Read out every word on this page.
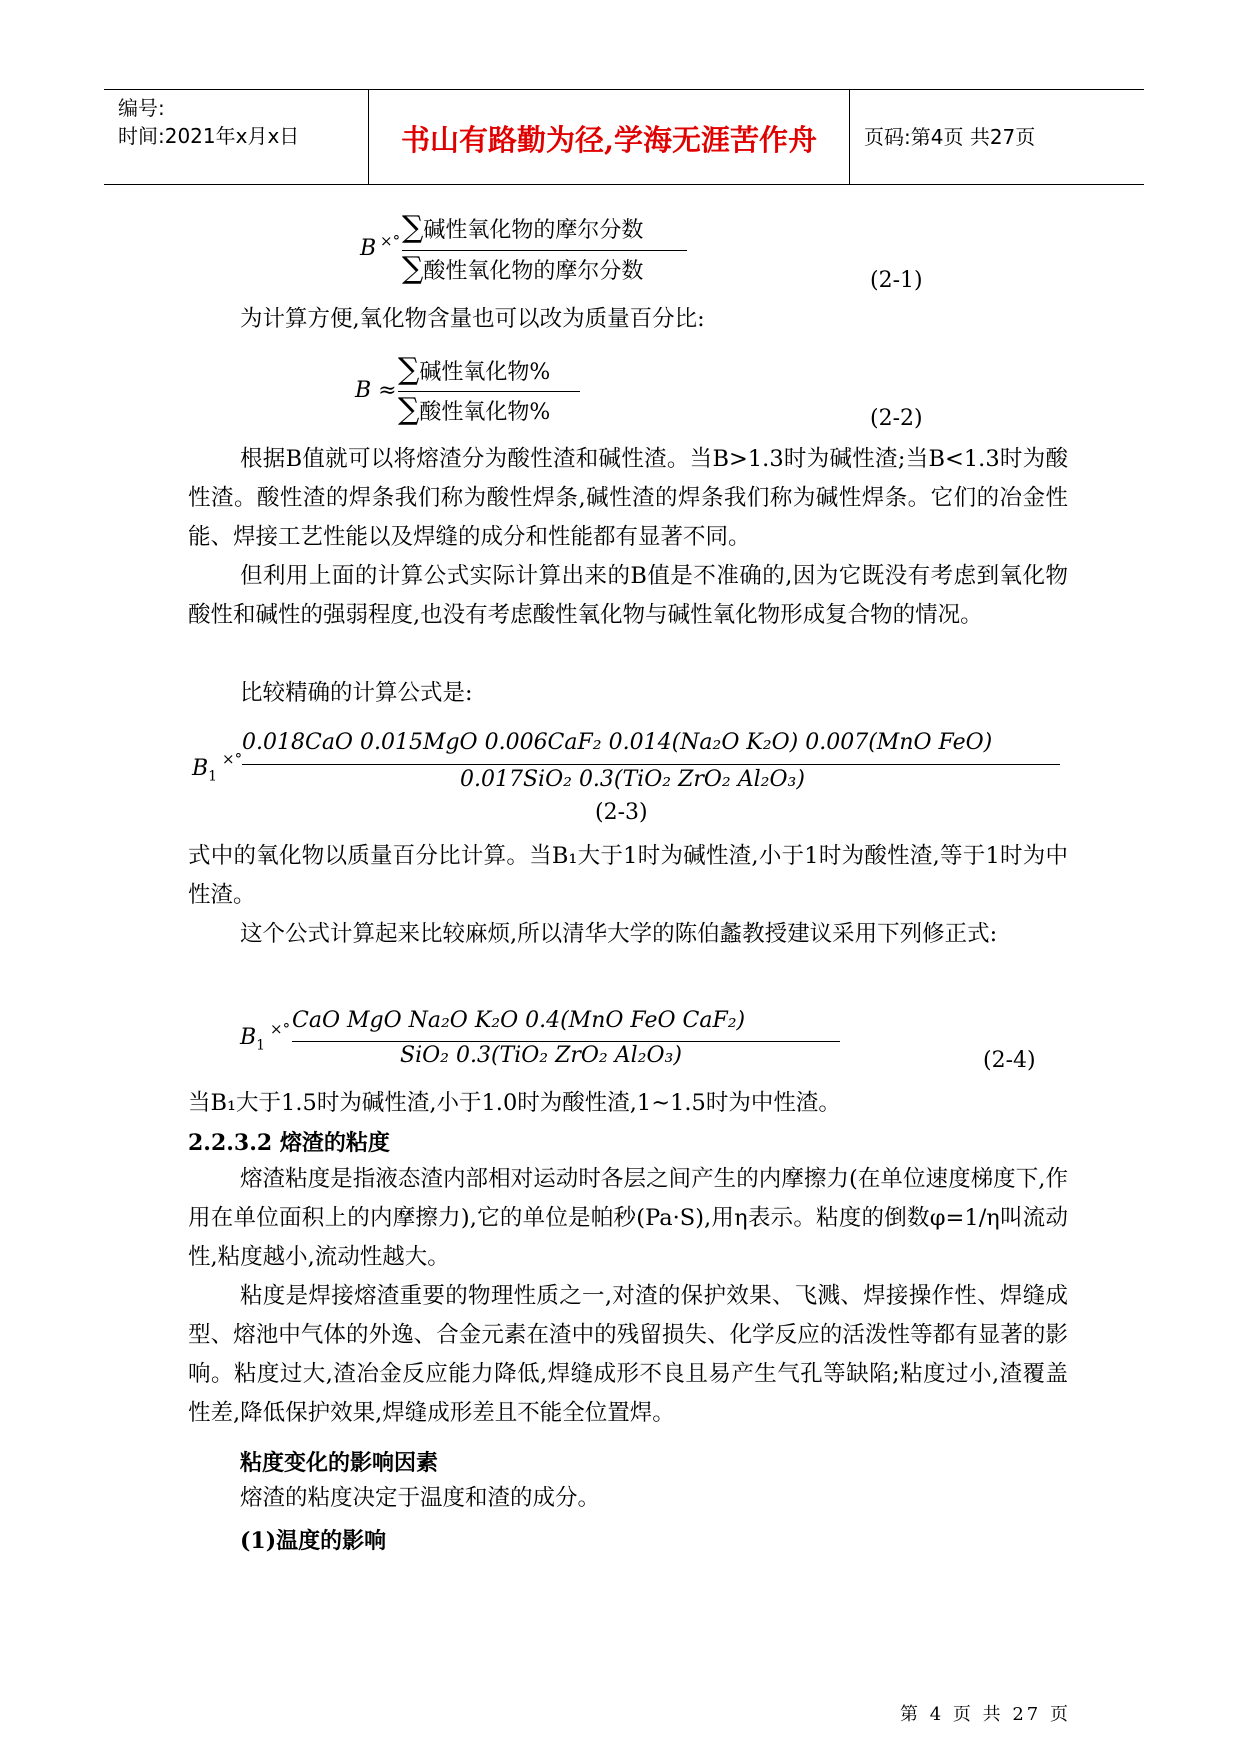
编号:
时间:2021年x月x日	书山有路勤为径,学海无涯苦作舟	页码:第4页 共27页
B ×° ∑碱性氧化物的摩尔分数
∑酸性氧化物的摩尔分数	(2-1)
为计算方便,氧化物含量也可以改为质量百分比:
B ≈
∑碱性氧化物%
∑酸性氧化物%	(2-2)
根据B值就可以将熔渣分为酸性渣和碱性渣。当B>1.3时为碱性渣;当B<1.3时为酸性渣。酸性渣的焊条我们称为酸性焊条,碱性渣的焊条我们称为碱性焊条。它们的冶金性能、焊接工艺性能以及焊缝的成分和性能都有显著不同。
但利用上面的计算公式实际计算出来的B值是不准确的,因为它既没有考虑到氧化物酸性和碱性的强弱程度,也没有考虑酸性氧化物与碱性氧化物形成复合物的情况。
比较精确的计算公式是:
$B_1$
×°
0.018CaO 0.015MgO 0.006CaF₂ 0.014(Na₂O K₂O) 0.007(MnO FeO)
0.017SiO₂ 0.3(TiO₂ ZrO₂ Al₂O₃)
(2-3)
式中的氧化物以质量百分比计算。当B₁大于1时为碱性渣,小于1时为酸性渣,等于1时为中性渣。
这个公式计算起来比较麻烦,所以清华大学的陈伯蠡教授建议采用下列修正式:
$B_1$
×° CaO MgO Na₂O K₂O 0.4(MnO FeO CaF₂)
SiO₂ 0.3(TiO₂ ZrO₂ Al₂O₃)	(2-4)
当B₁大于1.5时为碱性渣,小于1.0时为酸性渣,1~1.5时为中性渣。
2.2.3.2 熔渣的粘度
熔渣粘度是指液态渣内部相对运动时各层之间产生的内摩擦力(在单位速度梯度下,作用在单位面积上的内摩擦力),它的单位是帕秒(Pa·S),用η表示。粘度的倒数φ=1/η叫流动性,粘度越小,流动性越大。
粘度是焊接熔渣重要的物理性质之一,对渣的保护效果、飞溅、焊接操作性、焊缝成型、熔池中气体的外逸、合金元素在渣中的残留损失、化学反应的活泼性等都有显著的影响。粘度过大,渣冶金反应能力降低,焊缝成形不良且易产生气孔等缺陷;粘度过小,渣覆盖性差,降低保护效果,焊缝成形差且不能全位置焊。
粘度变化的影响因素
熔渣的粘度决定于温度和渣的成分。
(1)温度的影响
第 4 页 共 27 页
